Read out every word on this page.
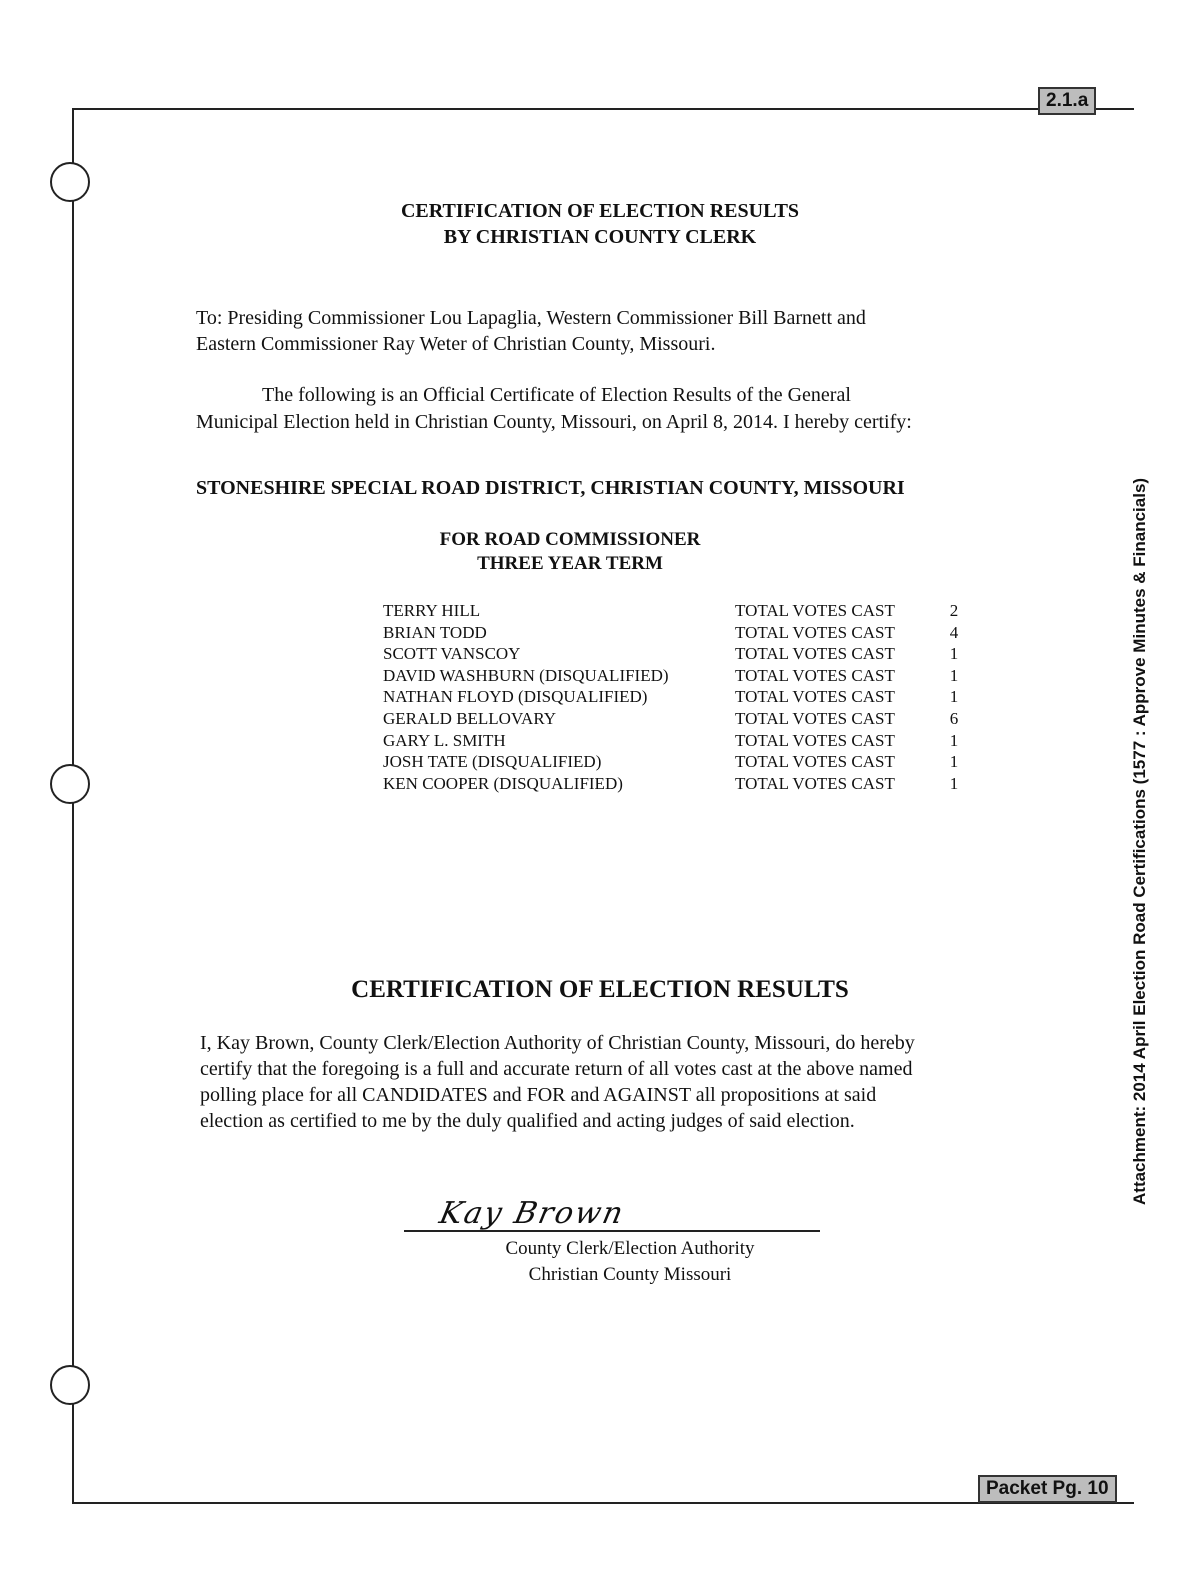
2.1.a
Packet Pg. 10
Attachment: 2014 April Election Road Certifications (1577 : Approve Minutes & Financials)
CERTIFICATION OF ELECTION RESULTS
BY CHRISTIAN COUNTY CLERK
To: Presiding Commissioner Lou Lapaglia, Western Commissioner Bill Barnett and
Eastern Commissioner Ray Weter of Christian County, Missouri.
The following is an Official Certificate of Election Results of the General
Municipal Election held in Christian County, Missouri, on April 8, 2014. I hereby certify:
STONESHIRE SPECIAL ROAD DISTRICT, CHRISTIAN COUNTY, MISSOURI
FOR ROAD COMMISSIONER
THREE YEAR TERM
TERRY HILL	TOTAL VOTES CAST	2
BRIAN TODD	TOTAL VOTES CAST	4
SCOTT VANSCOY	TOTAL VOTES CAST	1
DAVID WASHBURN (DISQUALIFIED)	TOTAL VOTES CAST	1
NATHAN FLOYD (DISQUALIFIED)	TOTAL VOTES CAST	1
GERALD BELLOVARY	TOTAL VOTES CAST	6
GARY L. SMITH	TOTAL VOTES CAST	1
JOSH TATE (DISQUALIFIED)	TOTAL VOTES CAST	1
KEN COOPER (DISQUALIFIED)	TOTAL VOTES CAST	1
CERTIFICATION OF ELECTION RESULTS
I, Kay Brown, County Clerk/Election Authority of Christian County, Missouri, do hereby
certify that the foregoing is a full and accurate return of all votes cast at the above named
polling place for all CANDIDATES and FOR and AGAINST all propositions at said
election as certified to me by the duly qualified and acting judges of said election.
Kay Brown
County Clerk/Election Authority
Christian County Missouri
